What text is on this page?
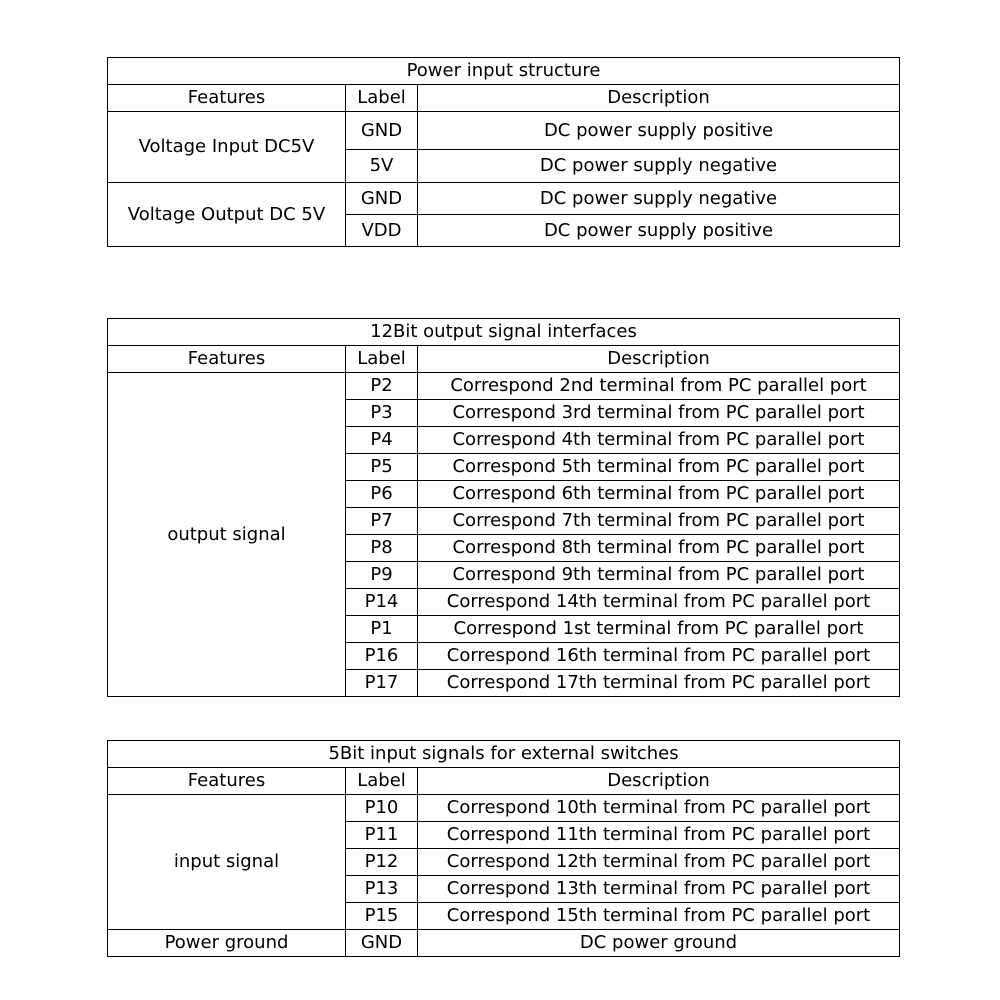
Power input structure		
Features	Label	Description
Voltage Input DC5V	GND	DC power supply positive
	5V	DC power supply negative
Voltage Output DC 5V	GND	DC power supply negative
	VDD	DC power supply positive
12Bit output signal interfaces		
Features	Label	Description
output signal	P2	Correspond 2nd terminal from PC parallel port
	P3	Correspond 3rd terminal from PC parallel port
	P4	Correspond 4th terminal from PC parallel port
	P5	Correspond 5th terminal from PC parallel port
	P6	Correspond 6th terminal from PC parallel port
	P7	Correspond 7th terminal from PC parallel port
	P8	Correspond 8th terminal from PC parallel port
	P9	Correspond 9th terminal from PC parallel port
	P14	Correspond 14th terminal from PC parallel port
	P1	Correspond 1st terminal from PC parallel port
	P16	Correspond 16th terminal from PC parallel port
	P17	Correspond 17th terminal from PC parallel port
5Bit input signals for external switches		
Features	Label	Description
input signal	P10	Correspond 10th terminal from PC parallel port
	P11	Correspond 11th terminal from PC parallel port
	P12	Correspond 12th terminal from PC parallel port
	P13	Correspond 13th terminal from PC parallel port
	P15	Correspond 15th terminal from PC parallel port
Power ground	GND	DC power ground
